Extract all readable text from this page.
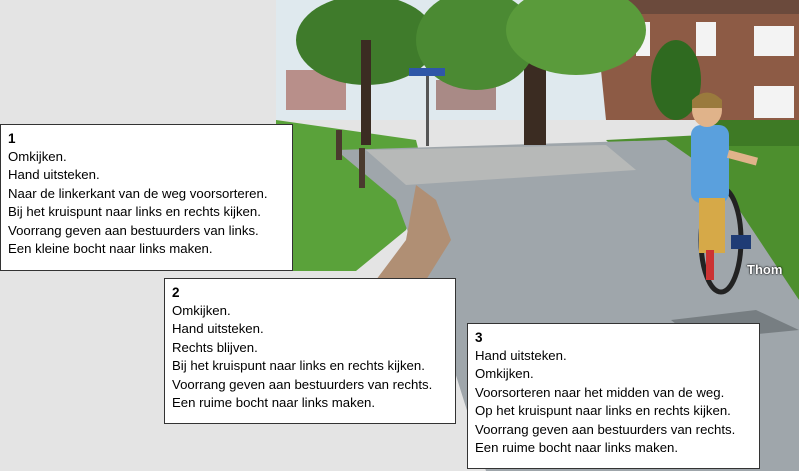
Thom
1
Omkijken.
Hand uitsteken.
Naar de linkerkant van de weg voorsorteren.
Bij het kruispunt naar links en rechts kijken.
Voorrang geven aan bestuurders van links.
Een kleine bocht naar links maken.
2
Omkijken.
Hand uitsteken.
Rechts blijven.
Bij het kruispunt naar links en rechts kijken.
Voorrang geven aan bestuurders van rechts.
Een ruime bocht naar links maken.
3
Hand uitsteken.
Omkijken.
Voorsorteren naar het midden van de weg.
Op het kruispunt naar links en rechts kijken.
Voorrang geven aan bestuurders van rechts.
Een ruime bocht naar links maken.
